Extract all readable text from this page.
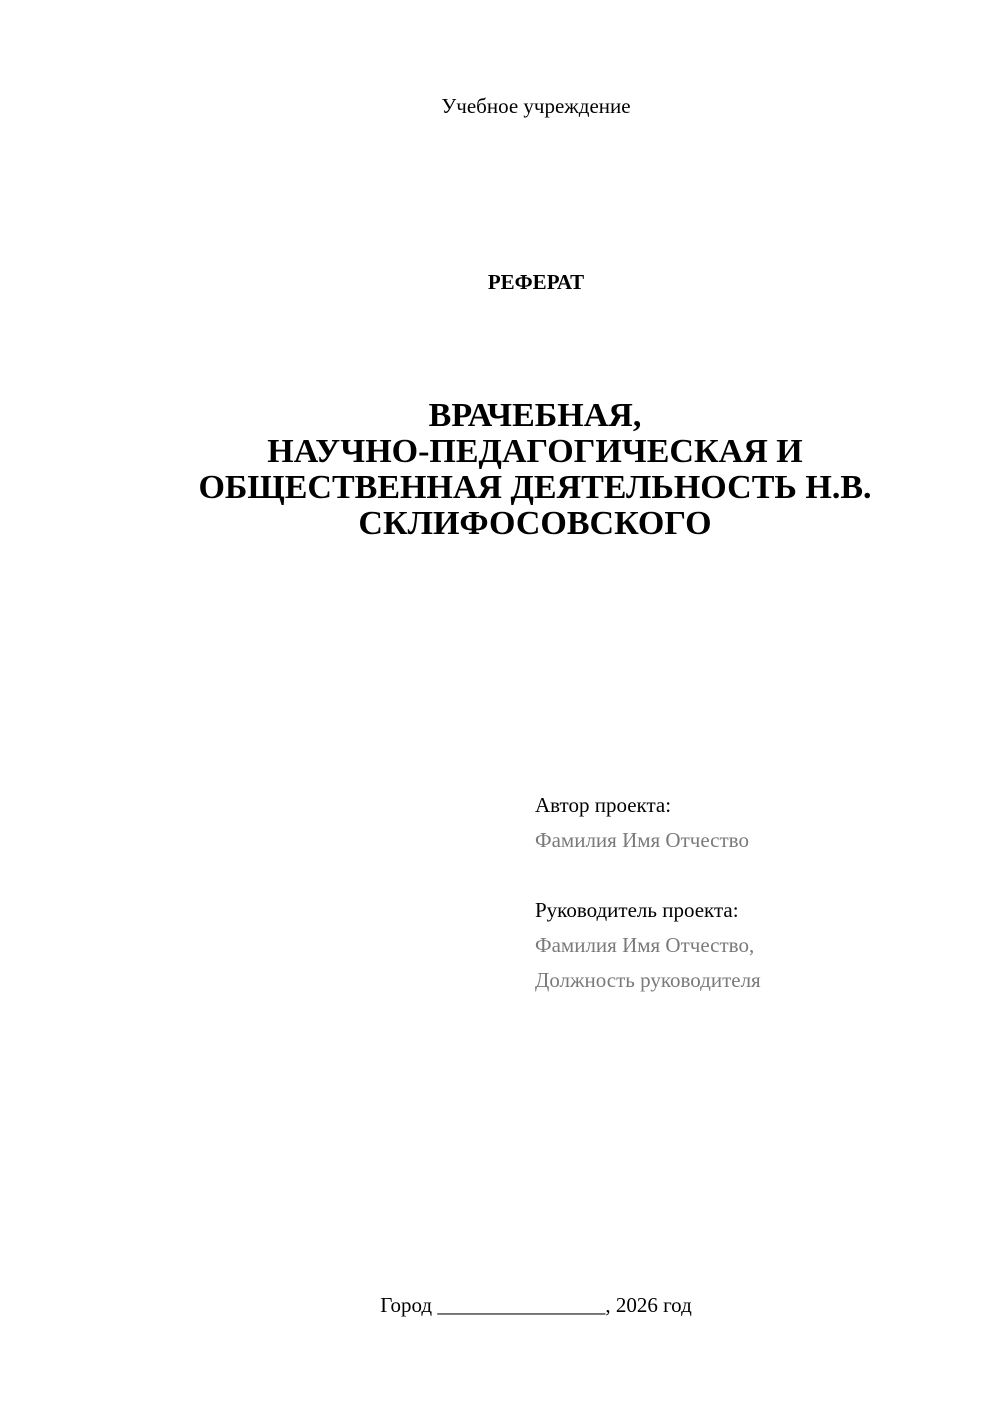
Учебное учреждение
РЕФЕРАТ
ВРАЧЕБНАЯ,
НАУЧНО-ПЕДАГОГИЧЕСКАЯ И
ОБЩЕСТВЕННАЯ ДЕЯТЕЛЬНОСТЬ Н.В.
СКЛИФОСОВСКОГО
Автор проекта:
Фамилия Имя Отчество
Руководитель проекта:
Фамилия Имя Отчество,
Должность руководителя
Город ________________, 2026 год
